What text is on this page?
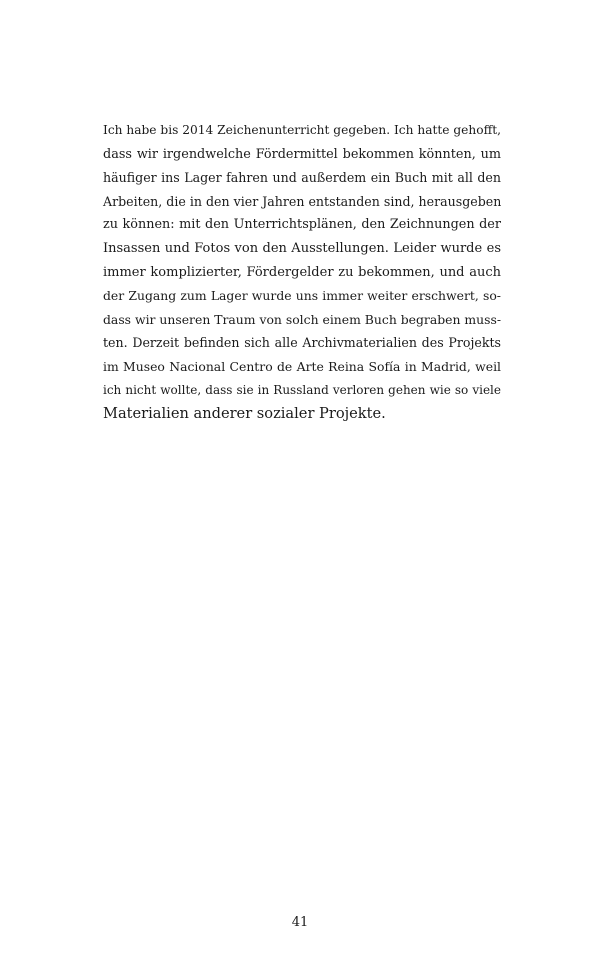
Ich habe bis 2014 Zeichenunterricht gegeben. Ich hatte gehofft,
dass wir irgendwelche Fördermittel bekommen könnten, um
häufiger ins Lager fahren und außerdem ein Buch mit all den
Arbeiten, die in den vier Jahren entstanden sind, herausgeben
zu können: mit den Unterrichtsplänen, den Zeichnungen der
Insassen und Fotos von den Ausstellungen. Leider wurde es
immer komplizierter, Fördergelder zu bekommen, und auch
der Zugang zum Lager wurde uns immer weiter erschwert, so-
dass wir unseren Traum von solch einem Buch begraben muss-
ten. Derzeit befinden sich alle Archivmaterialien des Projekts
im Museo Nacional Centro de Arte Reina Sofía in Madrid, weil
ich nicht wollte, dass sie in Russland verloren gehen wie so viele
Materialien anderer sozialer Projekte.
41
